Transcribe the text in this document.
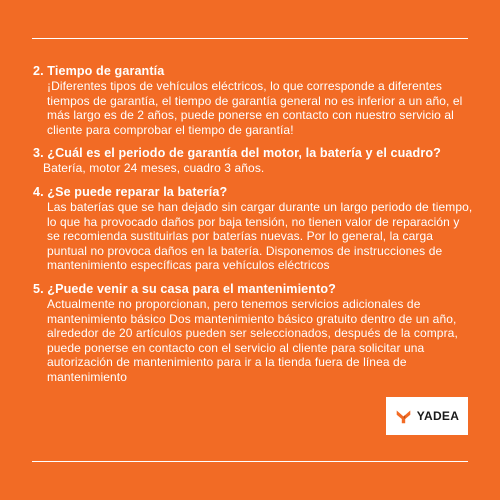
2. Tiempo de garantía
¡Diferentes tipos de vehículos eléctricos, lo que corresponde a diferentes tiempos de garantía, el tiempo de garantía general no es inferior a un año, el más largo es de 2 años, puede ponerse en contacto con nuestro servicio al cliente para comprobar el tiempo de garantía!
3. ¿Cuál es el periodo de garantía del motor, la batería y el cuadro?
Batería, motor 24 meses, cuadro 3 años.
4. ¿Se puede reparar la batería?
Las baterías que se han dejado sin cargar durante un largo periodo de tiempo, lo que ha provocado daños por baja tensión, no tienen valor de reparación y se recomienda sustituirlas por baterías nuevas. Por lo general, la carga puntual no provoca daños en la batería. Disponemos de instrucciones de mantenimiento específicas para vehículos eléctricos
5. ¿Puede venir a su casa para el mantenimiento?
Actualmente no proporcionan, pero tenemos servicios adicionales de mantenimiento básico Dos mantenimiento básico gratuito dentro de un año, alrededor de 20 artículos pueden ser seleccionados, después de la compra, puede ponerse en contacto con el servicio al cliente para solicitar una autorización de mantenimiento para ir a la tienda fuera de línea de mantenimiento
YADEA
